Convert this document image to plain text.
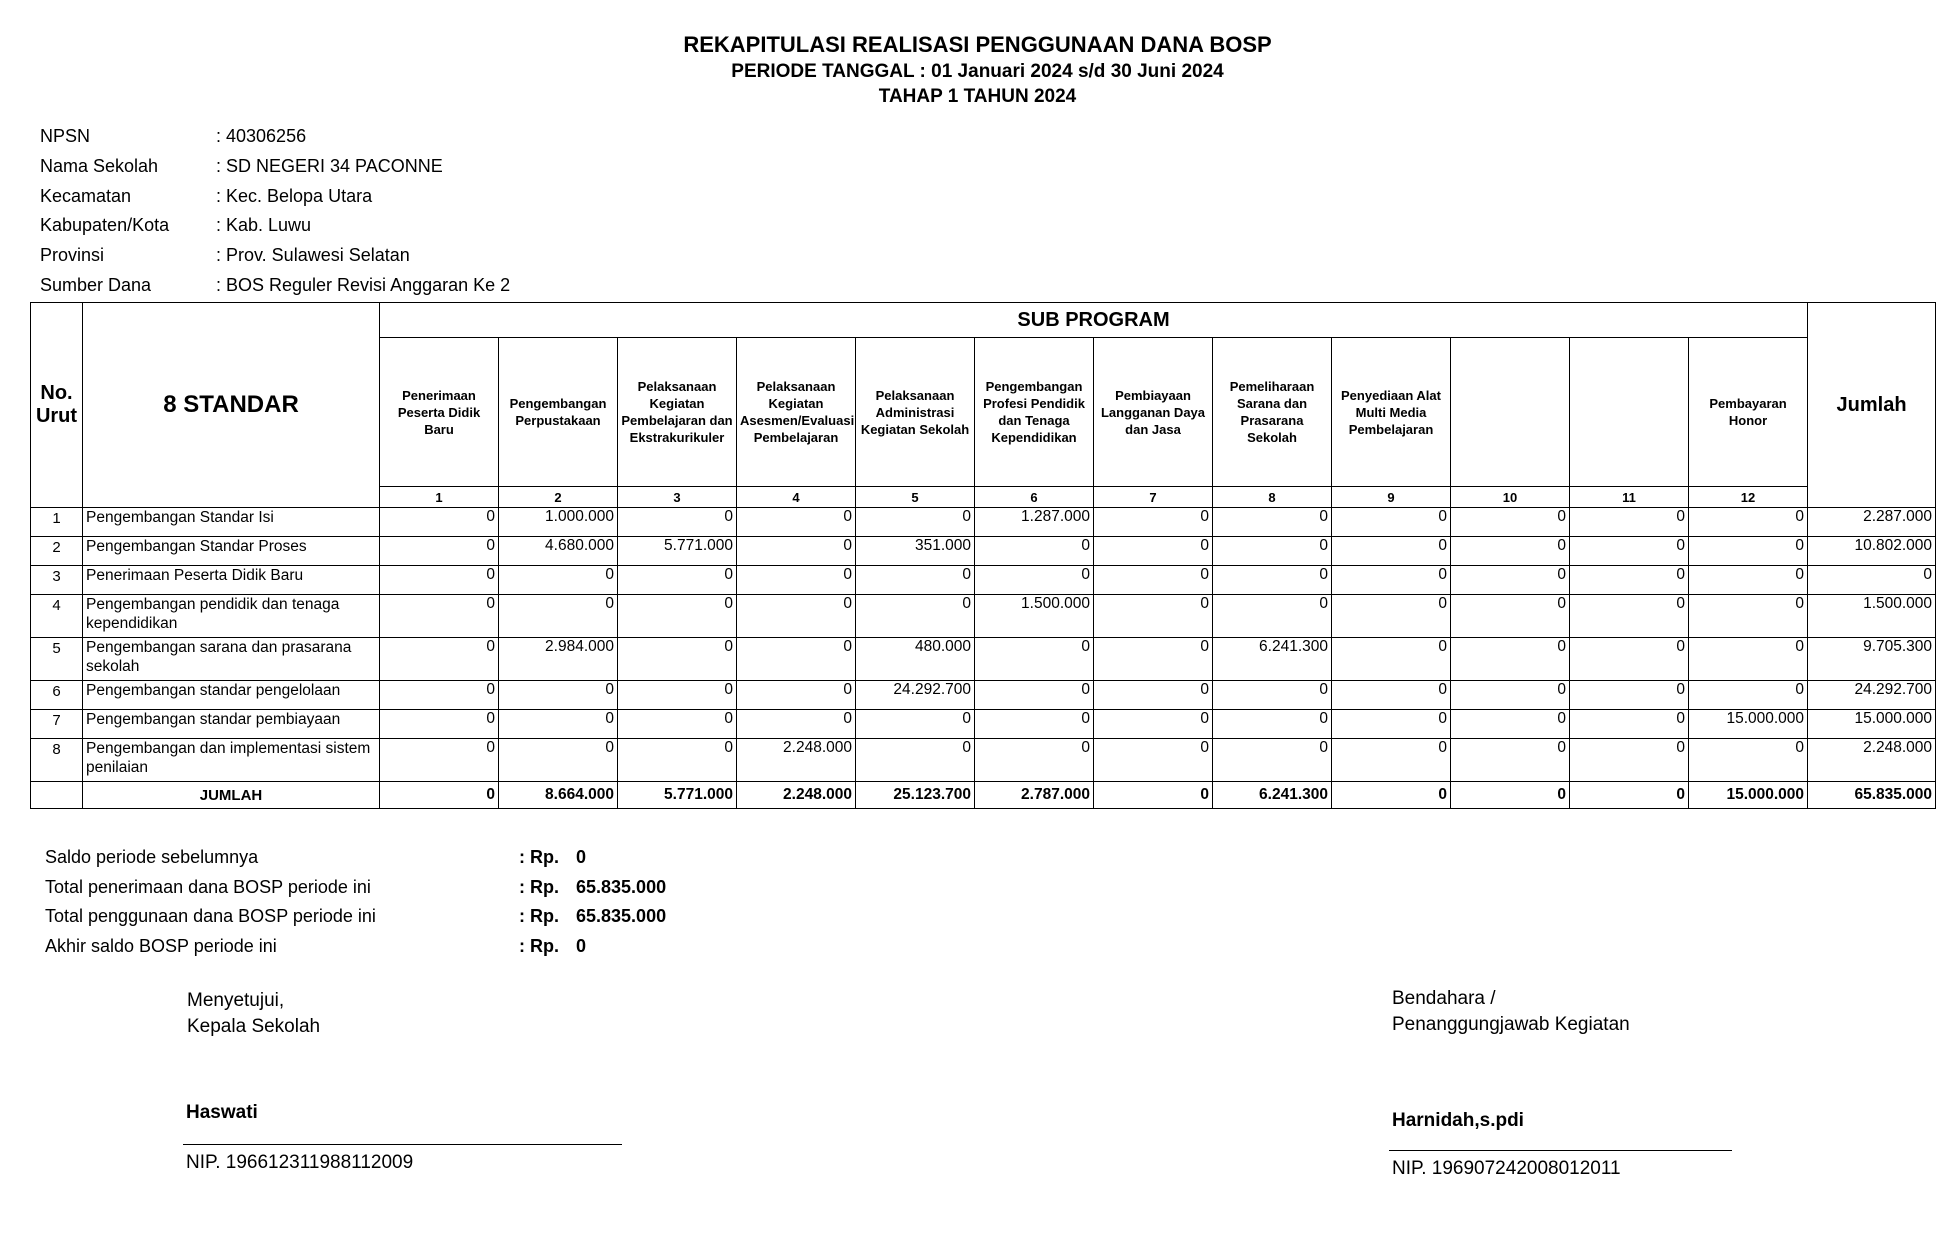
REKAPITULASI REALISASI PENGGUNAAN DANA BOSP
PERIODE TANGGAL : 01 Januari 2024 s/d 30 Juni 2024
TAHAP 1 TAHUN 2024
NPSN	: 40306256
Nama Sekolah	: SD NEGERI 34 PACONNE
Kecamatan	: Kec. Belopa Utara
Kabupaten/Kota	: Kab. Luwu
Provinsi	: Prov. Sulawesi Selatan
Sumber Dana	: BOS Reguler Revisi Anggaran Ke 2
No. Urut	8 STANDAR	SUB PROGRAM												Jumlah
		Penerimaan Peserta Didik Baru	Pengembangan Perpustakaan	Pelaksanaan Kegiatan Pembelajaran dan Ekstrakurikuler	Pelaksanaan Kegiatan Asesmen/Evaluasi Pembelajaran	Pelaksanaan Administrasi Kegiatan Sekolah	Pengembangan Profesi Pendidik dan Tenaga Kependidikan	Pembiayaan Langganan Daya dan Jasa	Pemeliharaan Sarana dan Prasarana Sekolah	Penyediaan Alat Multi Media Pembelajaran			Pembayaran Honor	
		1	2	3	4	5	6	7	8	9	10	11	12	
1	Pengembangan Standar Isi	0	1.000.000	0	0	0	1.287.000	0	0	0	0	0	0	2.287.000
2	Pengembangan Standar Proses	0	4.680.000	5.771.000	0	351.000	0	0	0	0	0	0	0	10.802.000
3	Penerimaan Peserta Didik Baru	0	0	0	0	0	0	0	0	0	0	0	0	0
4	Pengembangan pendidik dan tenaga kependidikan	0	0	0	0	0	1.500.000	0	0	0	0	0	0	1.500.000
5	Pengembangan sarana dan prasarana sekolah	0	2.984.000	0	0	480.000	0	0	6.241.300	0	0	0	0	9.705.300
6	Pengembangan standar pengelolaan	0	0	0	0	24.292.700	0	0	0	0	0	0	0	24.292.700
7	Pengembangan standar pembiayaan	0	0	0	0	0	0	0	0	0	0	0	15.000.000	15.000.000
8	Pengembangan dan implementasi sistem penilaian	0	0	0	2.248.000	0	0	0	0	0	0	0	0	2.248.000
	JUMLAH	0	8.664.000	5.771.000	2.248.000	25.123.700	2.787.000	0	6.241.300	0	0	0	15.000.000	65.835.000
Saldo periode sebelumnya	: Rp. 0
Total penerimaan dana BOSP periode ini	: Rp. 65.835.000
Total penggunaan dana BOSP periode ini	: Rp. 65.835.000
Akhir saldo BOSP periode ini	: Rp. 0
Menyetujui,
Kepala Sekolah
Haswati
NIP. 196612311988112009
Bendahara /
Penanggungjawab Kegiatan
Harnidah,s.pdi
NIP. 196907242008012011
